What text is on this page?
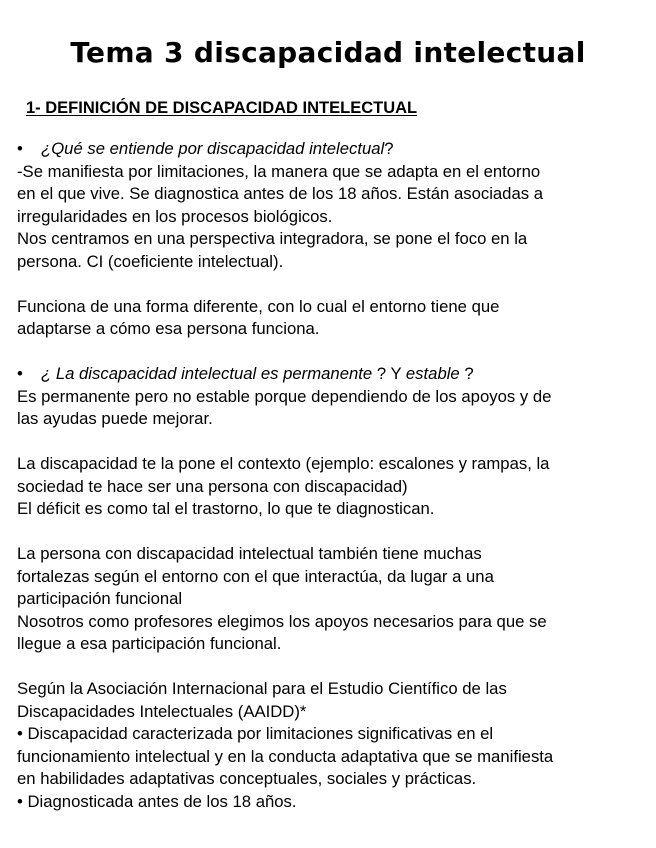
Tema 3 discapacidad intelectual
1- DEFINICIÓN DE DISCAPACIDAD INTELECTUAL
• ¿Qué se entiende por discapacidad intelectual?
-Se manifiesta por limitaciones, la manera que se adapta en el entorno
en el que vive. Se diagnostica antes de los 18 años. Están asociadas a
irregularidades en los procesos biológicos.
Nos centramos en una perspectiva integradora, se pone el foco en la
persona. CI (coeficiente intelectual).
Funciona de una forma diferente, con lo cual el entorno tiene que
adaptarse a cómo esa persona funciona.
• ¿ La discapacidad intelectual es permanente ? Y estable ?
Es permanente pero no estable porque dependiendo de los apoyos y de
las ayudas puede mejorar.
La discapacidad te la pone el contexto (ejemplo: escalones y rampas, la
sociedad te hace ser una persona con discapacidad)
El déficit es como tal el trastorno, lo que te diagnostican.
La persona con discapacidad intelectual también tiene muchas
fortalezas según el entorno con el que interactúa, da lugar a una
participación funcional
Nosotros como profesores elegimos los apoyos necesarios para que se
llegue a esa participación funcional.
Según la Asociación Internacional para el Estudio Científico de las
Discapacidades Intelectuales (AAIDD)*
• Discapacidad caracterizada por limitaciones significativas en el
funcionamiento intelectual y en la conducta adaptativa que se manifiesta
en habilidades adaptativas conceptuales, sociales y prácticas.
• Diagnosticada antes de los 18 años.
